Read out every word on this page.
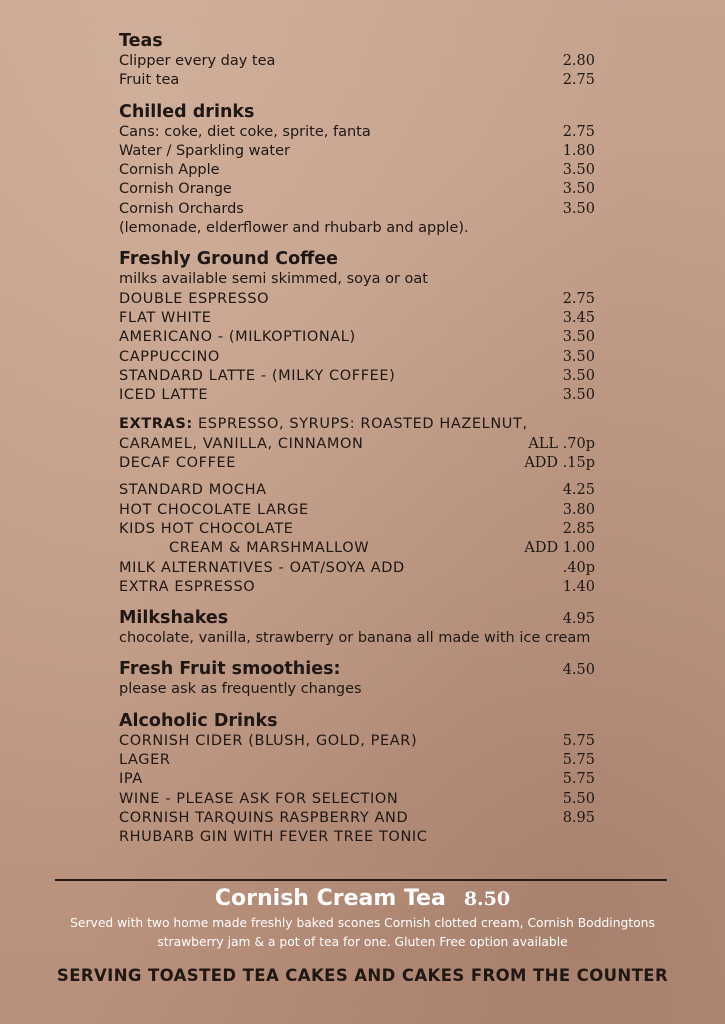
Teas
Clipper every day tea	2.80
Fruit tea	2.75
Chilled drinks
Cans: coke, diet coke, sprite, fanta	2.75
Water / Sparkling water	1.80
Cornish Apple	3.50
Cornish Orange	3.50
Cornish Orchards	3.50
(lemonade, elderflower and rhubarb and apple).
Freshly Ground Coffee
milks available semi skimmed, soya or oat
DOUBLE ESPRESSO	2.75
FLAT WHITE	3.45
AMERICANO - (MILKOPTIONAL)	3.50
CAPPUCCINO	3.50
STANDARD LATTE - (MILKY COFFEE)	3.50
ICED LATTE	3.50
EXTRAS: ESPRESSO, SYRUPS: ROASTED HAZELNUT,
CARAMEL, VANILLA, CINNAMON	ALL .70p
DECAF COFFEE	ADD .15p
STANDARD MOCHA	4.25
HOT CHOCOLATE LARGE	3.80
KIDS HOT CHOCOLATE	2.85
CREAM & MARSHMALLOW	ADD 1.00
MILK ALTERNATIVES - OAT/SOYA ADD	.40p
EXTRA ESPRESSO	1.40
Milkshakes	4.95
chocolate, vanilla, strawberry or banana all made with ice cream
Fresh Fruit smoothies:	4.50
please ask as frequently changes
Alcoholic Drinks
CORNISH CIDER (BLUSH, GOLD, PEAR)	5.75
LAGER	5.75
IPA	5.75
WINE - PLEASE ASK FOR SELECTION	5.50
CORNISH TARQUINS RASPBERRY AND	8.95
RHUBARB GIN WITH FEVER TREE TONIC
Cornish Cream Tea 8.50
Served with two home made freshly baked scones Cornish clotted cream, Cornish Boddingtons
strawberry jam & a pot of tea for one. Gluten Free option available
SERVING TOASTED TEA CAKES AND CAKES FROM THE COUNTER
